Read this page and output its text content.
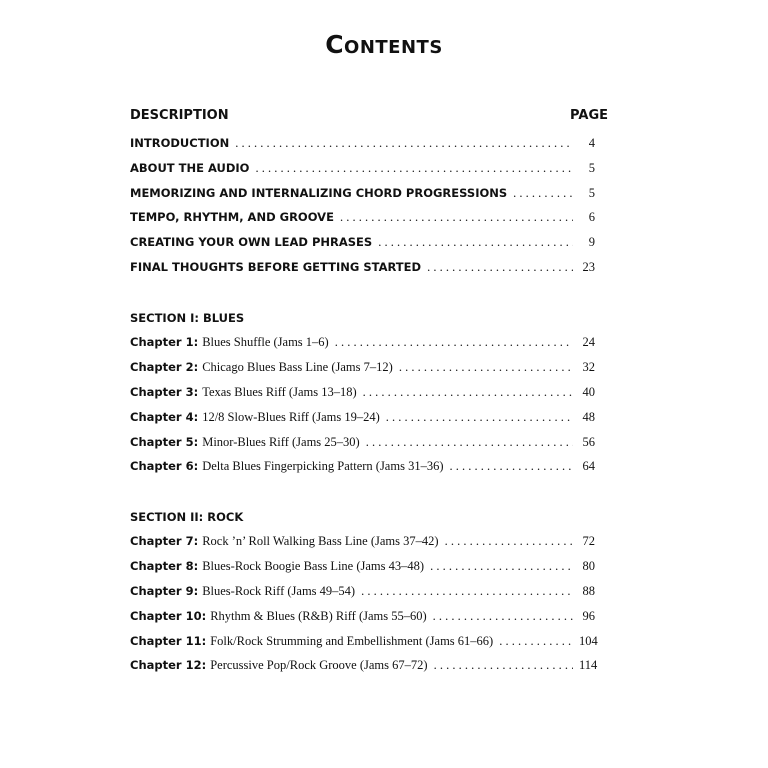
Contents
DESCRIPTION	PAGE
INTRODUCTION . . .	4
ABOUT THE AUDIO . . .	5
MEMORIZING AND INTERNALIZING CHORD PROGRESSIONS . . .	5
TEMPO, RHYTHM, AND GROOVE . . .	6
CREATING YOUR OWN LEAD PHRASES . . .	9
FINAL THOUGHTS BEFORE GETTING STARTED . . .	23
SECTION I: BLUES
Chapter 1 : Blues Shuffle (Jams 1–6) . . .	24
Chapter 2 : Chicago Blues Bass Line (Jams 7–12) . . .	32
Chapter 3 : Texas Blues Riff (Jams 13–18) . . .	40
Chapter 4 : 12/8 Slow-Blues Riff (Jams 19–24) . . .	48
Chapter 5 : Minor-Blues Riff (Jams 25–30) . . .	56
Chapter 6 : Delta Blues Fingerpicking Pattern (Jams 31–36) . . .	64
SECTION II: ROCK
Chapter 7 : Rock ’n’ Roll Walking Bass Line (Jams 37–42) . . .	72
Chapter 8 : Blues-Rock Boogie Bass Line (Jams 43–48) . . .	80
Chapter 9 : Blues-Rock Riff (Jams 49–54) . . .	88
Chapter 10 : Rhythm & Blues (R&B) Riff (Jams 55–60) . . .	96
Chapter 11 : Folk/Rock Strumming and Embellishment (Jams 61–66) . . .	104
Chapter 12 : Percussive Pop/Rock Groove (Jams 67–72) . . .	114
